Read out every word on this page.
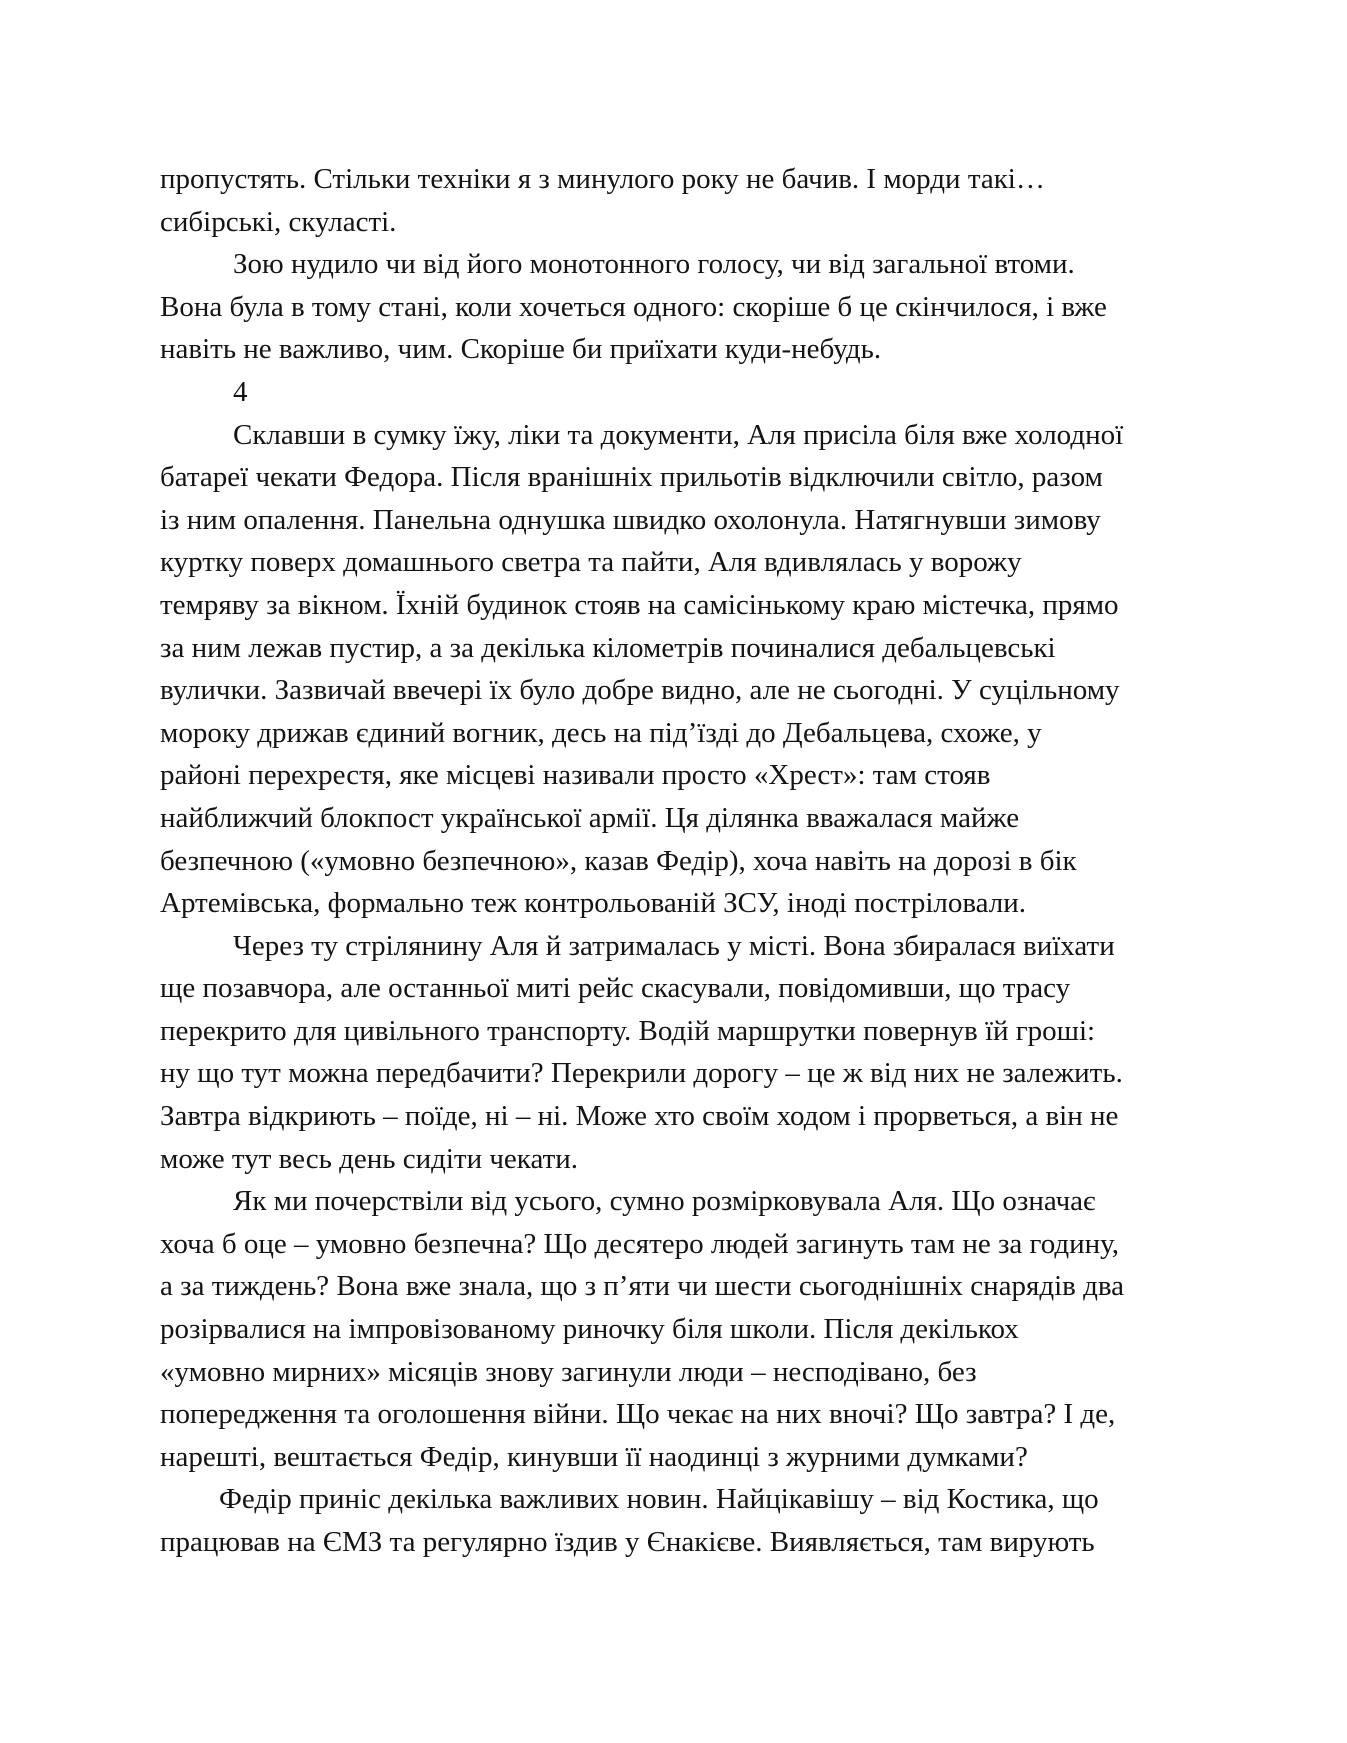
пропустять. Стільки техніки я з минулого року не бачив. І морди такі…
сибірські, скуласті.
Зою нудило чи від його монотонного голосу, чи від загальної втоми.
Вона була в тому стані, коли хочеться одного: скоріше б це скінчилося, і вже
навіть не важливо, чим. Скоріше би приїхати куди-небудь.
4
Склавши в сумку їжу, ліки та документи, Аля присіла біля вже холодної
батареї чекати Федора. Після вранішніх прильотів відключили світло, разом
із ним опалення. Панельна однушка швидко охолонула. Натягнувши зимову
куртку поверх домашнього светра та пайти, Аля вдивлялась у ворожу
темряву за вікном. Їхній будинок стояв на самісінькому краю містечка, прямо
за ним лежав пустир, а за декілька кілометрів починалися дебальцевські
вулички. Зазвичай ввечері їх було добре видно, але не сьогодні. У суцільному
мороку дрижав єдиний вогник, десь на під’їзді до Дебальцева, схоже, у
районі перехрестя, яке місцеві називали просто «Хрест»: там стояв
найближчий блокпост української армії. Ця ділянка вважалася майже
безпечною («умовно безпечною», казав Федір), хоча навіть на дорозі в бік
Артемівська, формально теж контрольованій ЗСУ, іноді постріловали.
Через ту стрілянину Аля й затрималась у місті. Вона збиралася виїхати
ще позавчора, але останньої миті рейс скасували, повідомивши, що трасу
перекрито для цивільного транспорту. Водій маршрутки повернув їй гроші:
ну що тут можна передбачити? Перекрили дорогу – це ж від них не залежить.
Завтра відкриють – поїде, ні – ні. Може хто своїм ходом і прорветься, а він не
може тут весь день сидіти чекати.
Як ми почерствіли від усього, сумно розмірковувала Аля. Що означає
хоча б оце – умовно безпечна? Що десятеро людей загинуть там не за годину,
а за тиждень? Вона вже знала, що з п’яти чи шести сьогоднішніх снарядів два
розірвалися на імпровізованому риночку біля школи. Після декількох
«умовно мирних» місяців знову загинули люди – несподівано, без
попередження та оголошення війни. Що чекає на них вночі? Що завтра? І де,
нарешті, вештається Федір, кинувши її наодинці з журними думками?
Федір приніс декілька важливих новин. Найцікавішу – від Костика, що
працював на ЄМЗ та регулярно їздив у Єнакієве. Виявляється, там вирують
